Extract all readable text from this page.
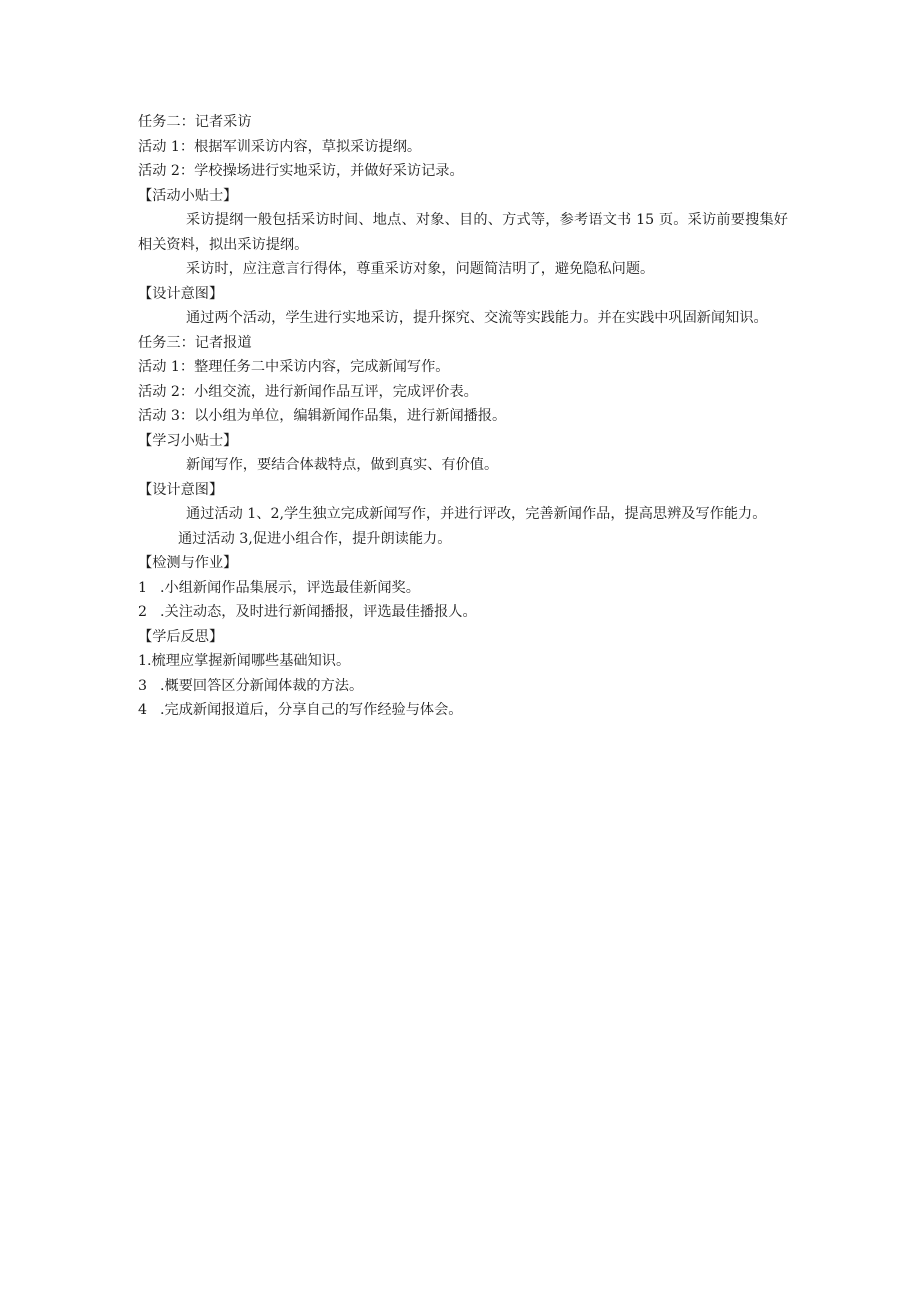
任务二：记者采访

活动 1：根据军训采访内容，草拟采访提纲。

活动 2：学校操场进行实地采访，并做好采访记录。

【活动小贴士】

采访提纲一般包括采访时间、地点、对象、目的、方式等，参考语文书 15 页。采访前要搜集好相关资料，拟出采访提纲。

采访时，应注意言行得体，尊重采访对象，问题简洁明了，避免隐私问题。

【设计意图】

通过两个活动，学生进行实地采访，提升探究、交流等实践能力。并在实践中巩固新闻知识。

任务三：记者报道

活动 1：整理任务二中采访内容，完成新闻写作。

活动 2：小组交流，进行新闻作品互评，完成评价表。

活动 3：以小组为单位，编辑新闻作品集，进行新闻播报。

【学习小贴士】

新闻写作，要结合体裁特点，做到真实、有价值。

【设计意图】

通过活动 1、2,学生独立完成新闻写作，并进行评改，完善新闻作品，提高思辨及写作能力。

通过活动 3,促进小组合作，提升朗读能力。

【检测与作业】

1 .小组新闻作品集展示，评选最佳新闻奖。

2 .关注动态，及时进行新闻播报，评选最佳播报人。

【学后反思】

1.梳理应掌握新闻哪些基础知识。

3 .概要回答区分新闻体裁的方法。

4 .完成新闻报道后，分享自己的写作经验与体会。
